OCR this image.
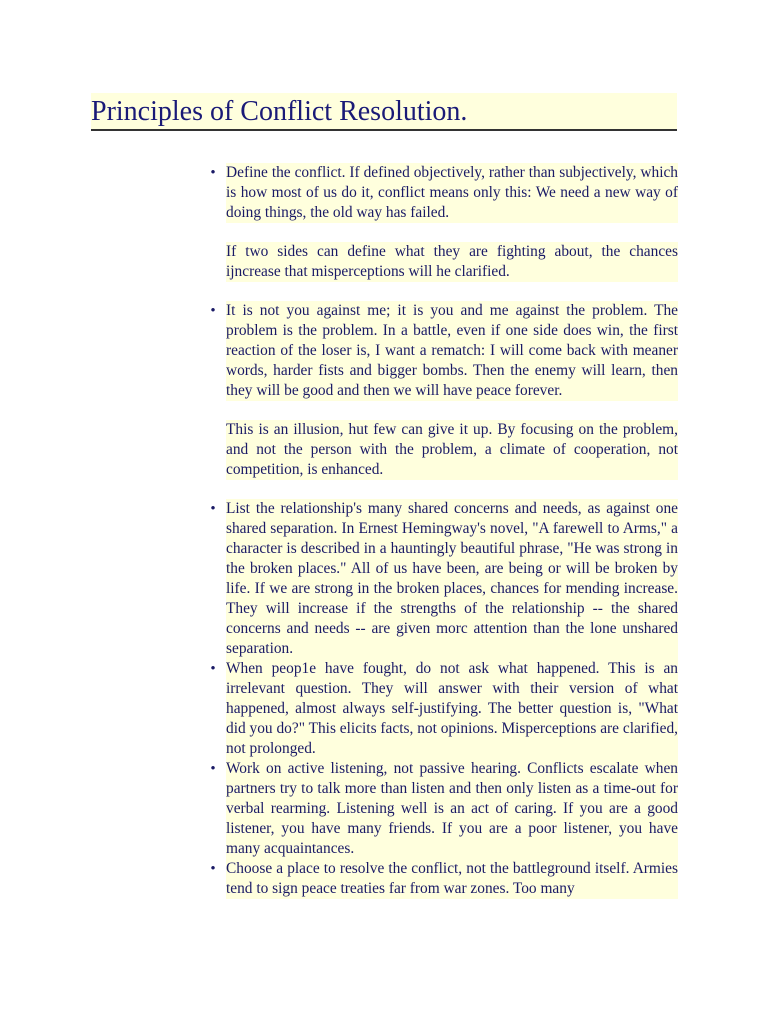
Principles of Conflict Resolution.
• Define the conflict. If defined objectively, rather than subjectively, which is how most of us do it, conflict means only this: We need a new way of doing things, the old way has failed.

If two sides can define what they are fighting about, the chances ijncrease that misperceptions will he clarified.

• It is not you against me; it is you and me against the problem. The problem is the problem. In a battle, even if one side does win, the first reaction of the loser is, I want a rematch: I will come back with meaner words, harder fists and bigger bombs. Then the enemy will learn, then they will be good and then we will have peace forever.

This is an illusion, hut few can give it up. By focusing on the problem, and not the person with the problem, a climate of cooperation, not competition, is enhanced.

• List the relationship's many shared concerns and needs, as against one shared separation. In Ernest Hemingway's novel, "A farewell to Arms," a character is described in a hauntingly beautiful phrase, "He was strong in the broken places." All of us have been, are being or will be broken by life. If we are strong in the broken places, chances for mending increase. They will increase if the strengths of the relationship -- the shared concerns and needs -- are given morc attention than the lone unshared separation.

• When peop1e have fought, do not ask what happened. This is an irrelevant question. They will answer with their version of what happened, almost always self-justifying. The better question is, "What did you do?" This elicits facts, not opinions. Misperceptions are clarified, not prolonged.

• Work on active listening, not passive hearing. Conflicts escalate when partners try to talk more than listen and then only listen as a time-out for verbal rearming. Listening well is an act of caring. If you are a good listener, you have many friends. If you are a poor listener, you have many acquaintances.

• Choose a place to resolve the conflict, not the battleground itself. Armies tend to sign peace treaties far from war zones. Too many
